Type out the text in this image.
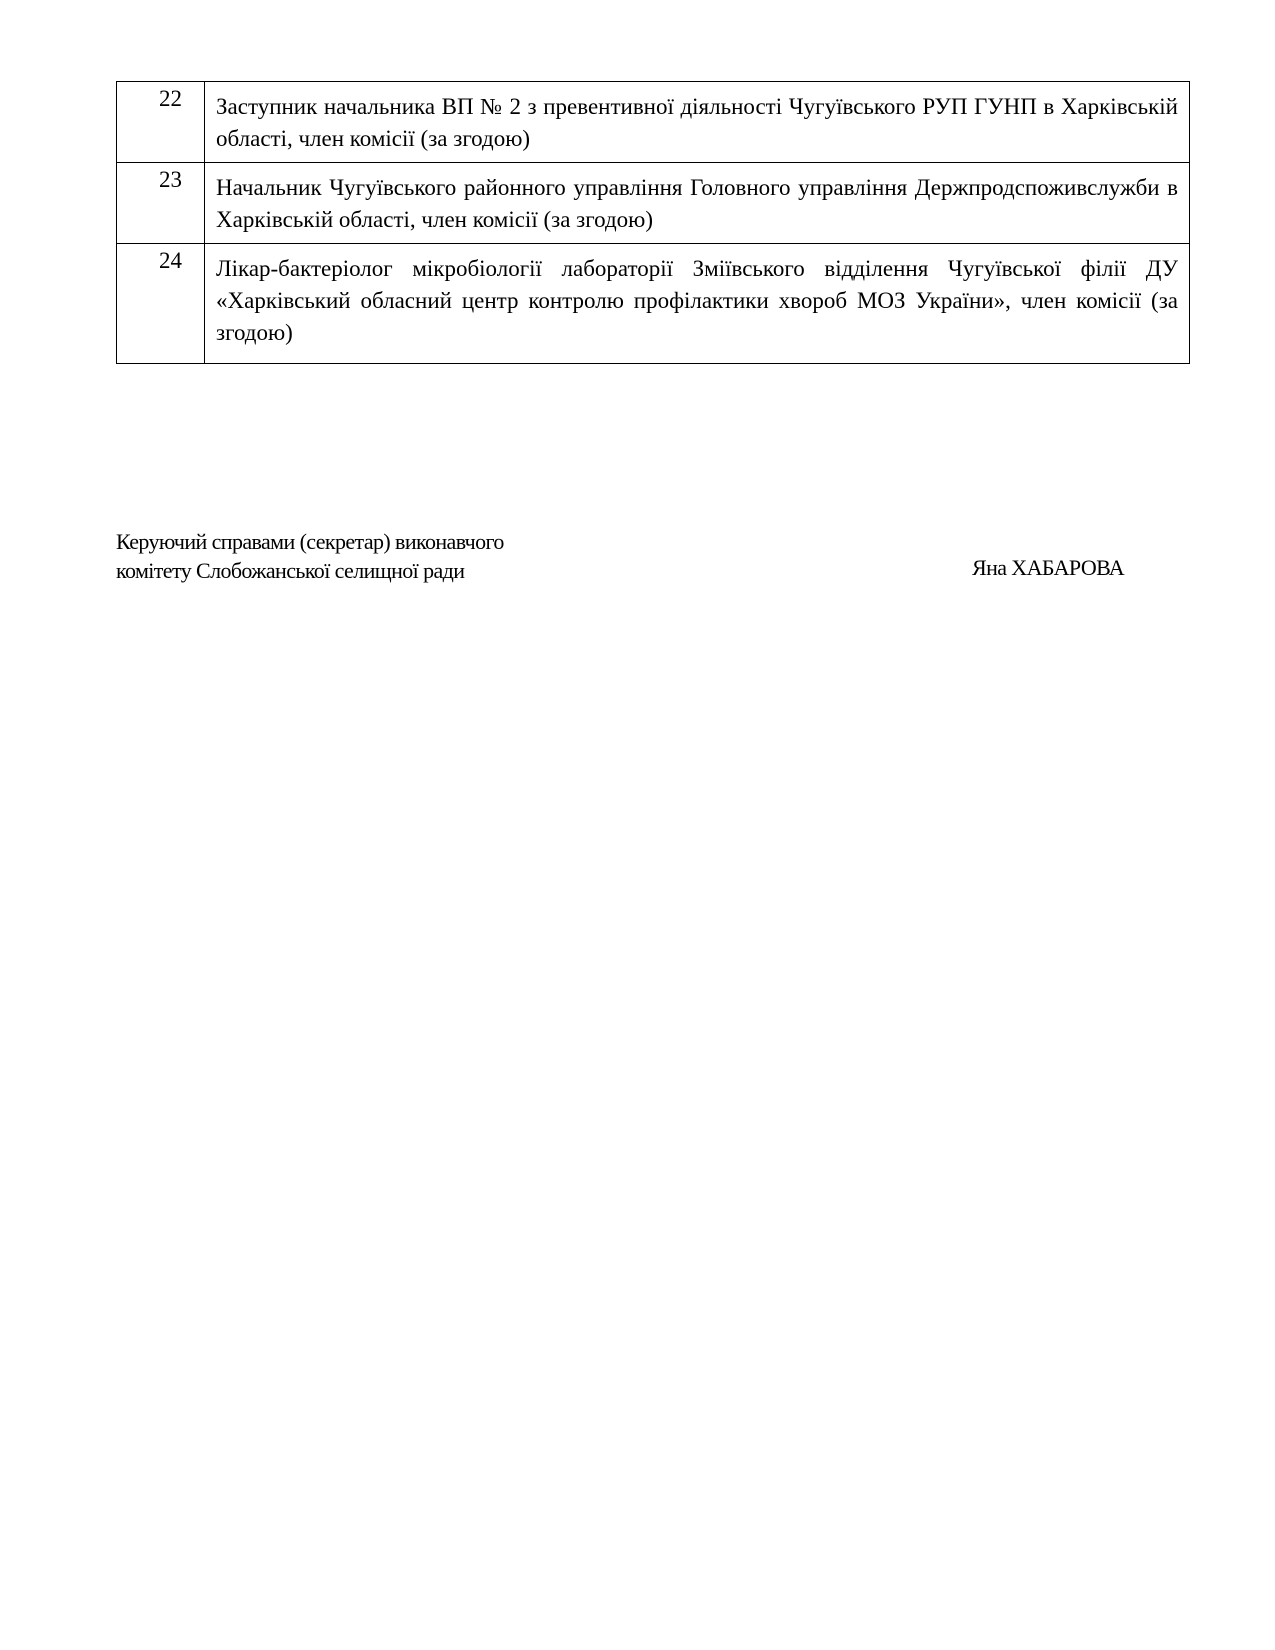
22	Заступник начальника ВП № 2 з превентивної діяльності Чугуївського РУП ГУНП в Харківській області, член комісії (за згодою)
23	Начальник Чугуївського районного управління Головного управління Держпродспоживслужби в Харківській області, член комісії (за згодою)
24	Лікар-бактеріолог мікробіології лабораторії Зміївського відділення Чугуївської філії ДУ «Харківський обласний центр контролю профілактики хвороб МОЗ України», член комісії (за згодою)
Керуючий справами (секретар) виконавчого
комітету Слобожанської селищної ради	Яна ХАБАРОВА
